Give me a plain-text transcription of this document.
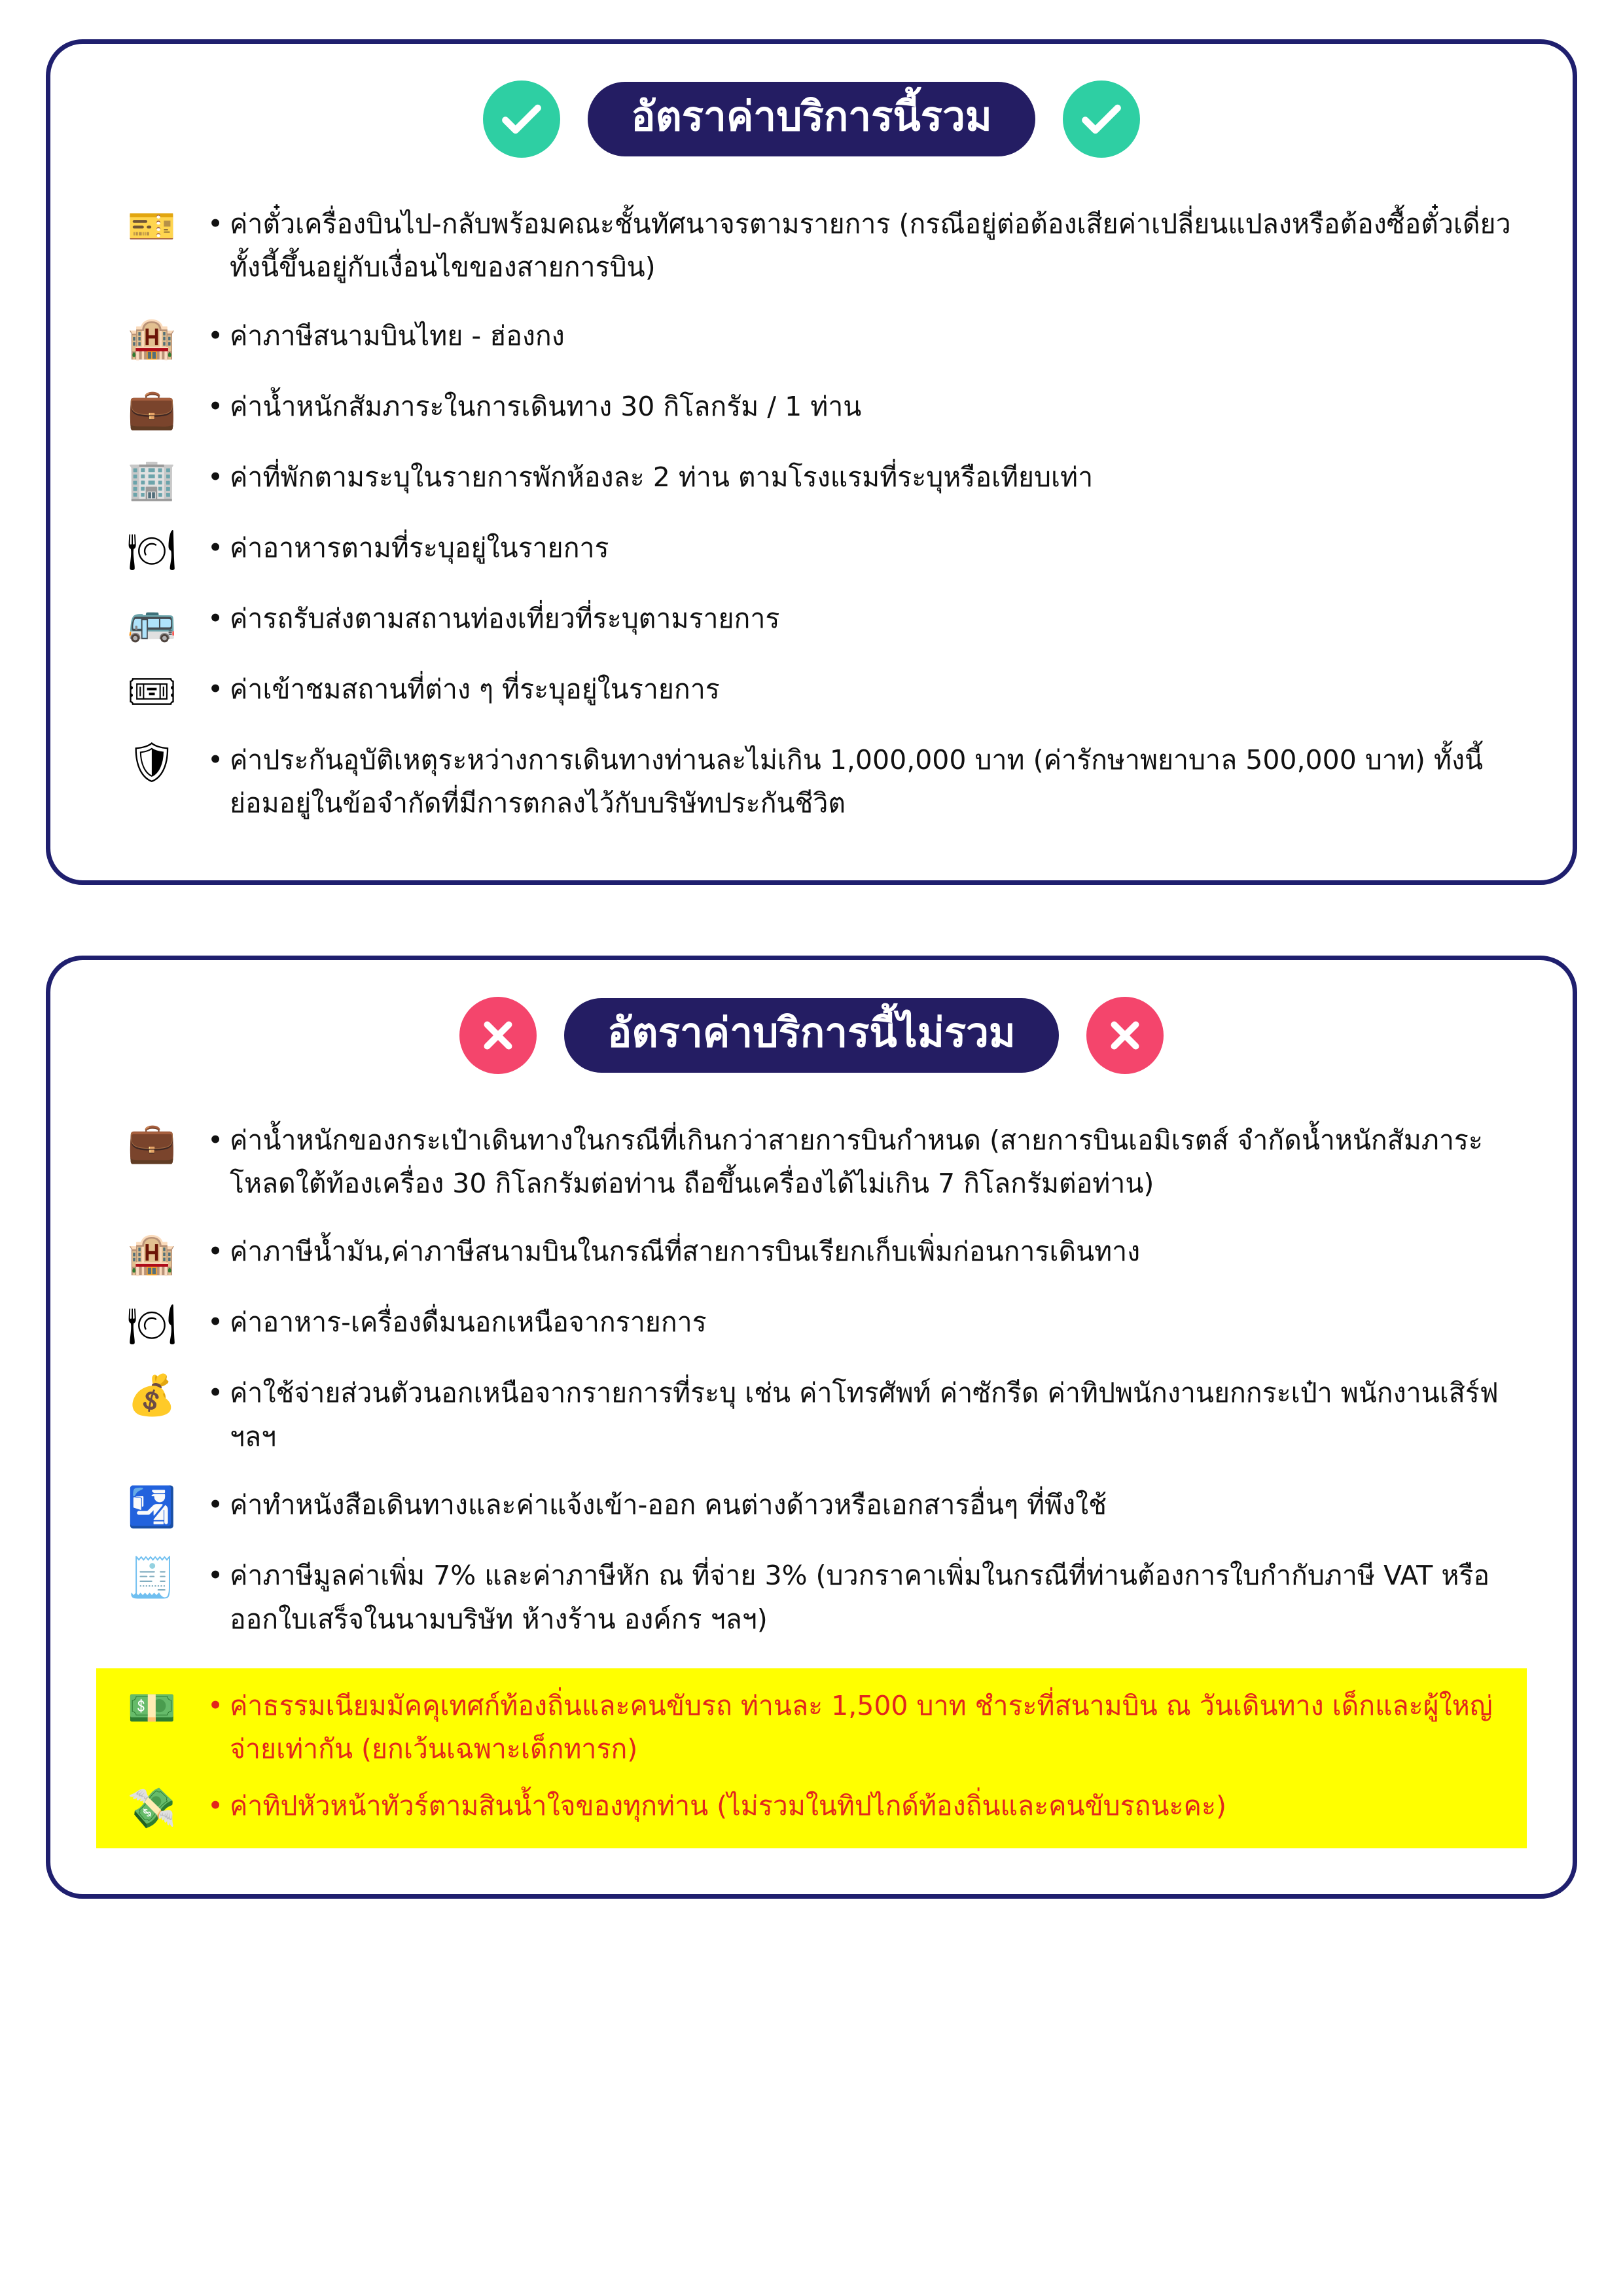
อัตราค่าบริการนี้รวม
🎫	• ค่าตั๋วเครื่องบินไป-กลับพร้อมคณะชั้นทัศนาจรตามรายการ (กรณีอยู่ต่อต้องเสียค่าเปลี่ยนแปลงหรือต้องซื้อตั๋วเดี่ยวทั้งนี้ขึ้นอยู่กับเงื่อนไขของสายการบิน)
🏨	• ค่าภาษีสนามบินไทย - ฮ่องกง
💼	• ค่าน้ำหนักสัมภาระในการเดินทาง 30 กิโลกรัม / 1 ท่าน
🏢	• ค่าที่พักตามระบุในรายการพักห้องละ 2 ท่าน ตามโรงแรมที่ระบุหรือเทียบเท่า
🍽	• ค่าอาหารตามที่ระบุอยู่ในรายการ
🚌	• ค่ารถรับส่งตามสถานท่องเที่ยวที่ระบุตามรายการ
🎟	• ค่าเข้าชมสถานที่ต่าง ๆ ที่ระบุอยู่ในรายการ
🛡	• ค่าประกันอุบัติเหตุระหว่างการเดินทางท่านละไม่เกิน 1,000,000 บาท (ค่ารักษาพยาบาล 500,000 บาท) ทั้งนี้ย่อมอยู่ในข้อจำกัดที่มีการตกลงไว้กับบริษัทประกันชีวิต
อัตราค่าบริการนี้ไม่รวม
💼	• ค่าน้ำหนักของกระเป๋าเดินทางในกรณีที่เกินกว่าสายการบินกำหนด (สายการบินเอมิเรตส์ จำกัดน้ำหนักสัมภาระโหลดใต้ท้องเครื่อง 30 กิโลกรัมต่อท่าน ถือขึ้นเครื่องได้ไม่เกิน 7 กิโลกรัมต่อท่าน)
🏨	• ค่าภาษีน้ำมัน,ค่าภาษีสนามบินในกรณีที่สายการบินเรียกเก็บเพิ่มก่อนการเดินทาง
🍽	• ค่าอาหาร-เครื่องดื่มนอกเหนือจากรายการ
💰	• ค่าใช้จ่ายส่วนตัวนอกเหนือจากรายการที่ระบุ เช่น ค่าโทรศัพท์ ค่าซักรีด ค่าทิปพนักงานยกกระเป๋า พนักงานเสิร์ฟ ฯลฯ
🛂	• ค่าทำหนังสือเดินทางและค่าแจ้งเข้า-ออก คนต่างด้าวหรือเอกสารอื่นๆ ที่พึงใช้
🧾	• ค่าภาษีมูลค่าเพิ่ม 7% และค่าภาษีหัก ณ ที่จ่าย 3% (บวกราคาเพิ่มในกรณีที่ท่านต้องการใบกำกับภาษี VAT หรือออกใบเสร็จในนามบริษัท ห้างร้าน องค์กร ฯลฯ)
💵	• ค่าธรรมเนียมมัคคุเทศก์ท้องถิ่นและคนขับรถ ท่านละ 1,500 บาท ชำระที่สนามบิน ณ วันเดินทาง เด็กและผู้ใหญ่จ่ายเท่ากัน (ยกเว้นเฉพาะเด็กทารก)
💸	• ค่าทิปหัวหน้าทัวร์ตามสินน้ำใจของทุกท่าน (ไม่รวมในทิปไกด์ท้องถิ่นและคนขับรถนะคะ)
